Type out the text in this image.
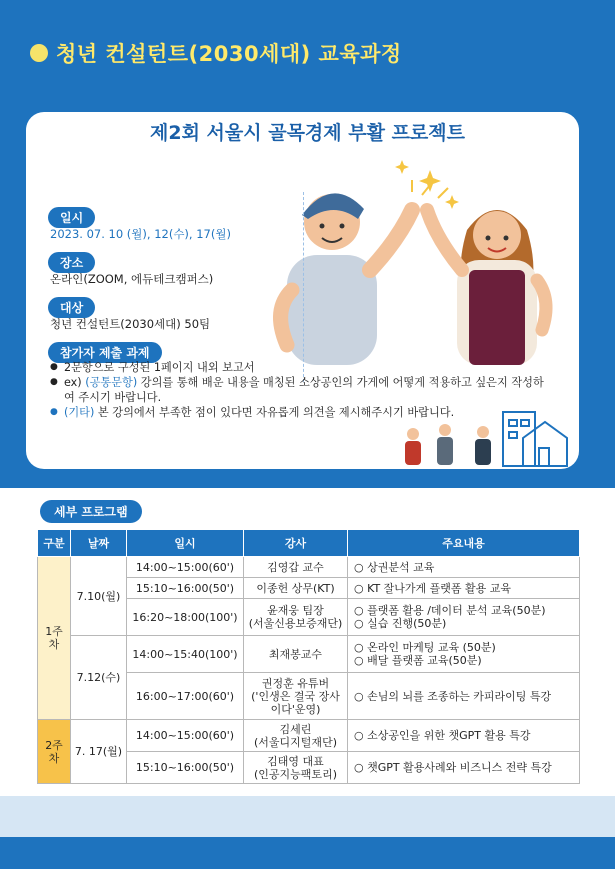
청년 컨설턴트(2030세대) 교육과정
제2회 서울시 골목경제 부활 프로젝트
일시
2023. 07. 10 (월), 12(수), 17(월)
장소
온라인(ZOOM, 에듀테크캠퍼스)
대상
청년 컨설턴트(2030세대) 50팀
참가자 제출 과제
● 2문항으로 구성된 1페이지 내외 보고서
● ex) (공통문항) 강의를 통해 배운 내용을 매칭된 소상공인의 가게에 어떻게 적용하고 싶은지 작성하여 주시기 바랍니다.
● (기타) 본 강의에서 부족한 점이 있다면 자유롭게 의견을 제시해주시기 바랍니다.
세부 프로그램
구분	날짜	일시	강사	주요내용
1주차	7.10(월)	14:00~15:00(60')	김영갑 교수	○ 상권분석 교육
		15:10~16:00(50')	이종헌 상무(KT)	○ KT 잘나가게 플랫폼 활용 교육
		16:20~18:00(100')	윤재웅 팀장
(서울신용보증재단)	○ 플랫폼 활용 /데이터 분석 교육(50분)
○ 실습 진행(50분)
	7.12(수)	14:00~15:40(100')	최재봉교수	○ 온라인 마케팅 교육 (50분)
○ 배달 플랫폼 교육(50분)
		16:00~17:00(60')	권정훈 유튜버
('인생은 결국 장사
이다'운영)	○ 손님의 뇌를 조종하는 카피라이팅 특강
2주차	7. 17(월)	14:00~15:00(60')	김세린
(서울디지털재단)	○ 소상공인을 위한 챗GPT 활용 특강
		15:10~16:00(50')	김태영 대표
(인공지능팩토리)	○ 챗GPT 활용사례와 비즈니스 전략 특강
